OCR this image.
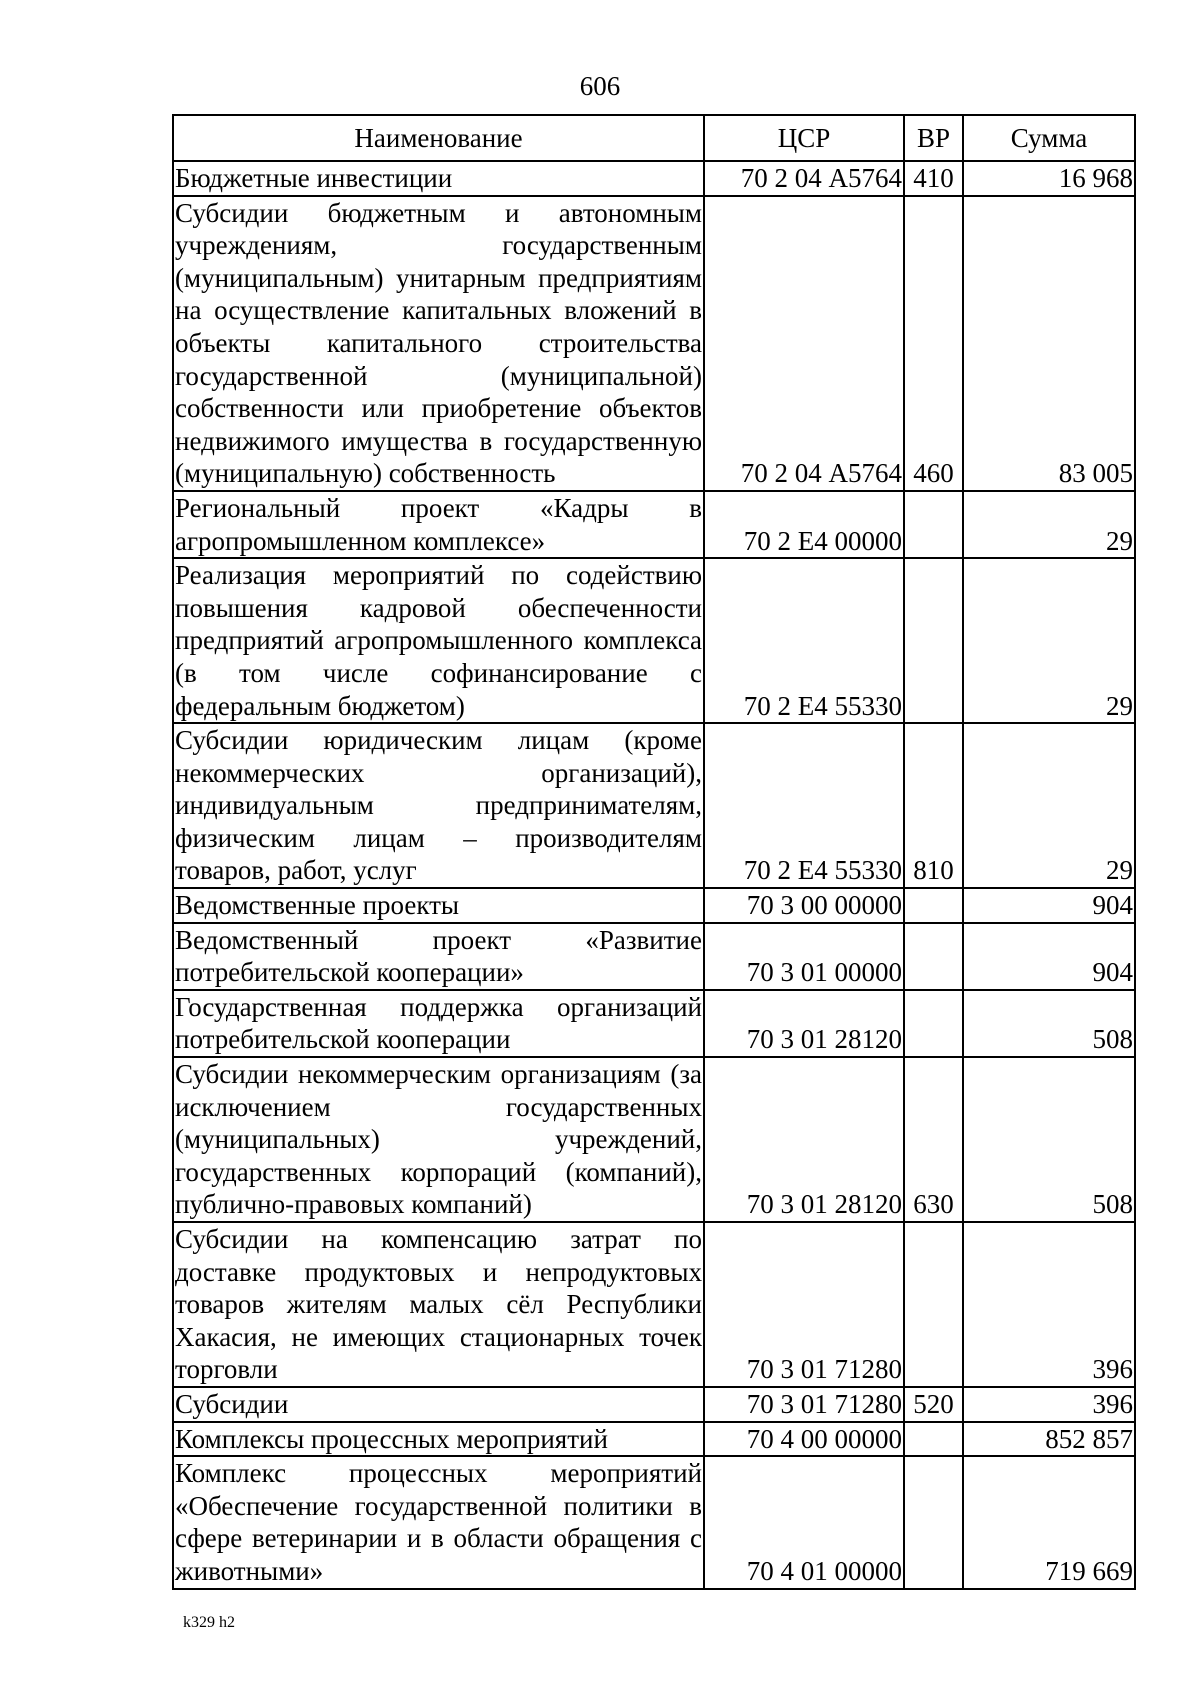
606
Наименование	ЦСР	ВР	Сумма
Бюджетные инвестиции	70 2 04 А5764	410	16 968
Субсидии бюджетным и автономным учреждениям, государственным (муниципальным) унитарным предприятиям на осуществление капитальных вложений в объекты капитального строительства государственной (муниципальной) собственности или приобретение объектов недвижимого имущества в государственную (муниципальную) собственность	70 2 04 А5764	460	83 005
Региональный проект «Кадры в агропромышленном комплексе»	70 2 Е4 00000		29
Реализация мероприятий по содействию повышения кадровой обеспеченности предприятий агропромышленного комплекса (в том числе софинансирование с федеральным бюджетом)	70 2 Е4 55330		29
Субсидии юридическим лицам (кроме некоммерческих организаций), индивидуальным предпринимателям, физическим лицам – производителям товаров, работ, услуг	70 2 Е4 55330	810	29
Ведомственные проекты	70 3 00 00000		904
Ведомственный проект «Развитие потребительской кооперации»	70 3 01 00000		904
Государственная поддержка организаций потребительской кооперации	70 3 01 28120		508
Субсидии некоммерческим организациям (за исключением государственных (муниципальных) учреждений, государственных корпораций (компаний), публично-правовых компаний)	70 3 01 28120	630	508
Субсидии на компенсацию затрат по доставке продуктовых и непродуктовых товаров жителям малых сёл Республики Хакасия, не имеющих стационарных точек торговли	70 3 01 71280		396
Субсидии	70 3 01 71280	520	396
Комплексы процессных мероприятий	70 4 00 00000		852 857
Комплекс процессных мероприятий «Обеспечение государственной политики в сфере ветеринарии и в области обращения с животными»	70 4 01 00000		719 669
k329 h2
